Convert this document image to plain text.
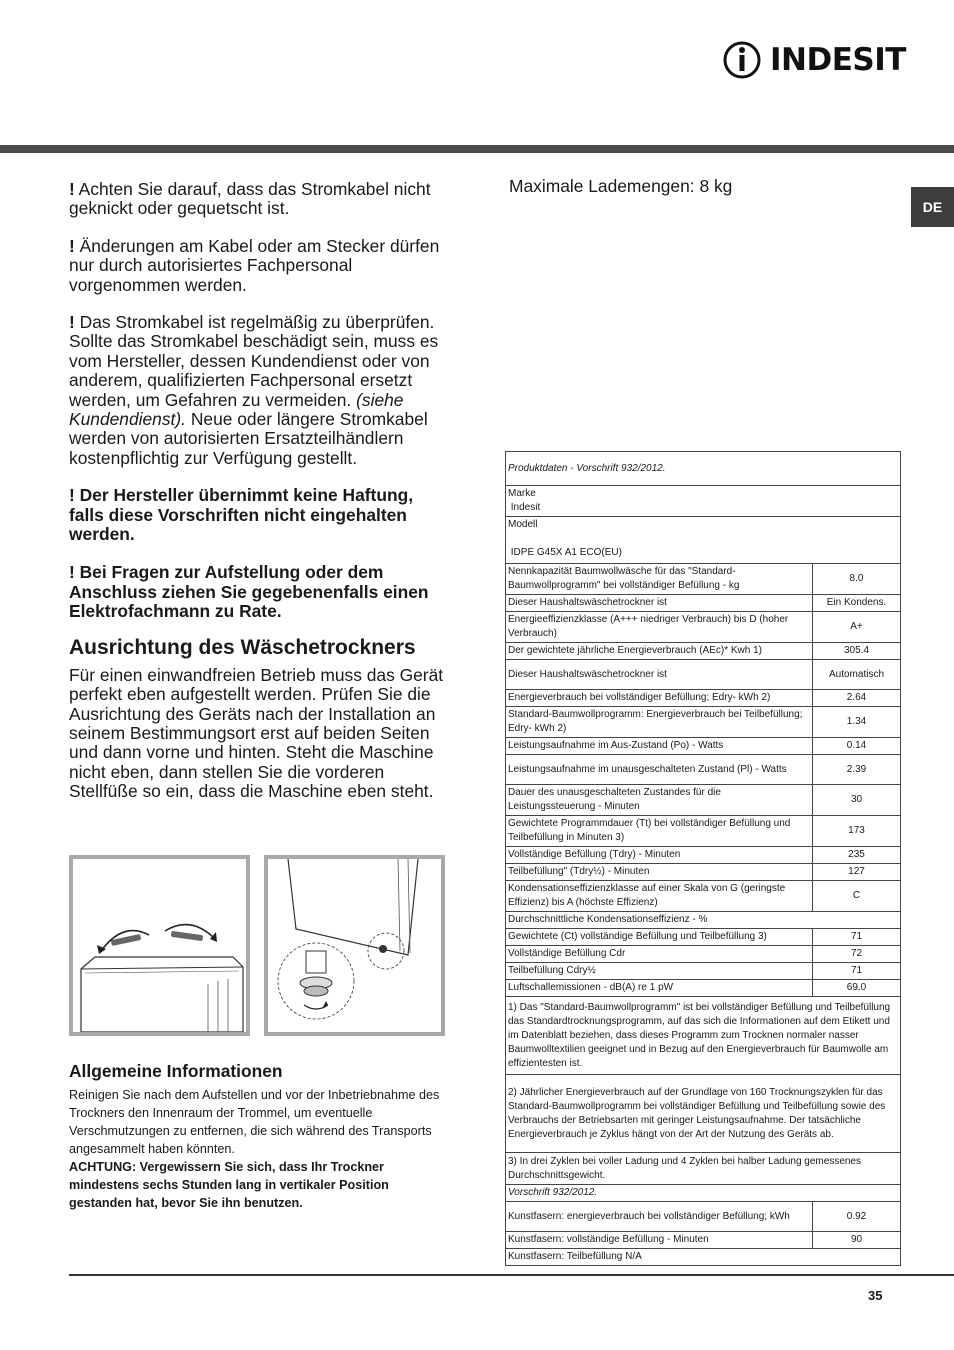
INDESIT
DE

! Achten Sie darauf, dass das Stromkabel nicht geknickt oder gequetscht ist.

! Änderungen am Kabel oder am Stecker dürfen nur durch autorisiertes Fachpersonal vorgenommen werden.

! Das Stromkabel ist regelmäßig zu überprüfen. Sollte das Stromkabel beschädigt sein, muss es vom Hersteller, dessen Kundendienst oder von anderem, qualifizierten Fachpersonal ersetzt werden, um Gefahren zu vermeiden. (siehe Kundendienst). Neue oder längere Stromkabel werden von autorisierten Ersatzteilhändlern kostenpflichtig zur Verfügung gestellt.

! Der Hersteller übernimmt keine Haftung, falls diese Vorschriften nicht eingehalten werden.

! Bei Fragen zur Aufstellung oder dem Anschluss ziehen Sie gegebenenfalls einen Elektrofachmann zu Rate.

Ausrichtung des Wäschetrockners

Für einen einwandfreien Betrieb muss das Gerät perfekt eben aufgestellt werden. Prüfen Sie die Ausrichtung des Geräts nach der Installation an seinem Bestimmungsort erst auf beiden Seiten und dann vorne und hinten. Steht die Maschine nicht eben, dann stellen Sie die vorderen Stellfüße so ein, dass die Maschine eben steht.

Allgemeine Informationen
Reinigen Sie nach dem Aufstellen und vor der Inbetriebnahme des Trockners den Innenraum der Trommel, um eventuelle Verschmutzungen zu entfernen, die sich während des Transports angesammelt haben könnten.
ACHTUNG: Vergewissern Sie sich, dass Ihr Trockner mindestens sechs Stunden lang in vertikaler Position gestanden hat, bevor Sie ihn benutzen.
Maximale Lademengen: 8 kg
Produktdaten - Vorschrift 932/2012.	
Marke
Indesit	
Modell

IDPE G45X A1 ECO(EU)	
Nennkapazität Baumwollwäsche für das "Standard-Baumwollprogramm" bei vollständiger Befüllung - kg	8.0
Dieser Haushaltswäschetrockner ist	Ein Kondens.
Energieeffizienzklasse (A+++ niedriger Verbrauch) bis D (hoher Verbrauch)	A+
Der gewichtete jährliche Energieverbrauch (AEc)* Kwh 1)	305.4
Dieser Haushaltswäschetrockner ist	Automatisch
Energieverbrauch bei vollständiger Befüllung; Edry- kWh 2)	2.64
Standard-Baumwollprogramm: Energieverbrauch bei Teilbefüllung; Edry- kWh 2)	1.34
Leistungsaufnahme im Aus-Zustand (Po) - Watts	0.14
Leistungsaufnahme im unausgeschalteten Zustand (Pl) - Watts	2.39
Dauer des unausgeschalteten Zustandes für die Leistungssteuerung - Minuten	30
Gewichtete Programmdauer (Tt) bei vollständiger Befüllung und Teilbefüllung in Minuten 3)	173
Vollständige Befüllung (Tdry) - Minuten	235
Teilbefüllung" (Tdry½) - Minuten	127
Kondensationseffizienzklasse auf einer Skala von G (geringste Effizienz) bis A (höchste Effizienz)	C
Durchschnittliche Kondensationseffizienz - %	
Gewichtete (Ct) vollständige Befüllung und Teilbefüllung 3)	71
Vollständige Befüllung Cdr	72
Teilbefüllung Cdry½	71
Luftschallemissionen - dB(A) re 1 pW	69.0
1) Das "Standard-Baumwollprogramm" ist bei vollständiger Befüllung und Teilbefüllung das Standardtrocknungsprogramm, auf das sich die Informationen auf dem Etikett und im Datenblatt beziehen, dass dieses Programm zum Trocknen normaler nasser Baumwolltextilien geeignet und in Bezug auf den Energieverbrauch für Baumwolle am effizientesten ist.	
2) Jährlicher Energieverbrauch auf der Grundlage von 160 Trocknungszyklen für das Standard-Baumwollprogramm bei vollständiger Befüllung und Teilbefüllung sowie des Verbrauchs der Betriebsarten mit geringer Leistungsaufnahme. Der tatsächliche Energieverbrauch je Zyklus hängt von der Art der Nutzung des Geräts ab.	
3) In drei Zyklen bei voller Ladung und 4 Zyklen bei halber Ladung gemessenes Durchschnittsgewicht.	
Vorschrift 932/2012.	
Kunstfasern: energieverbrauch bei vollständiger Befüllung; kWh	0.92
Kunstfasern: vollständige Befüllung - Minuten	90
Kunstfasern: Teilbefüllung N/A	
35
